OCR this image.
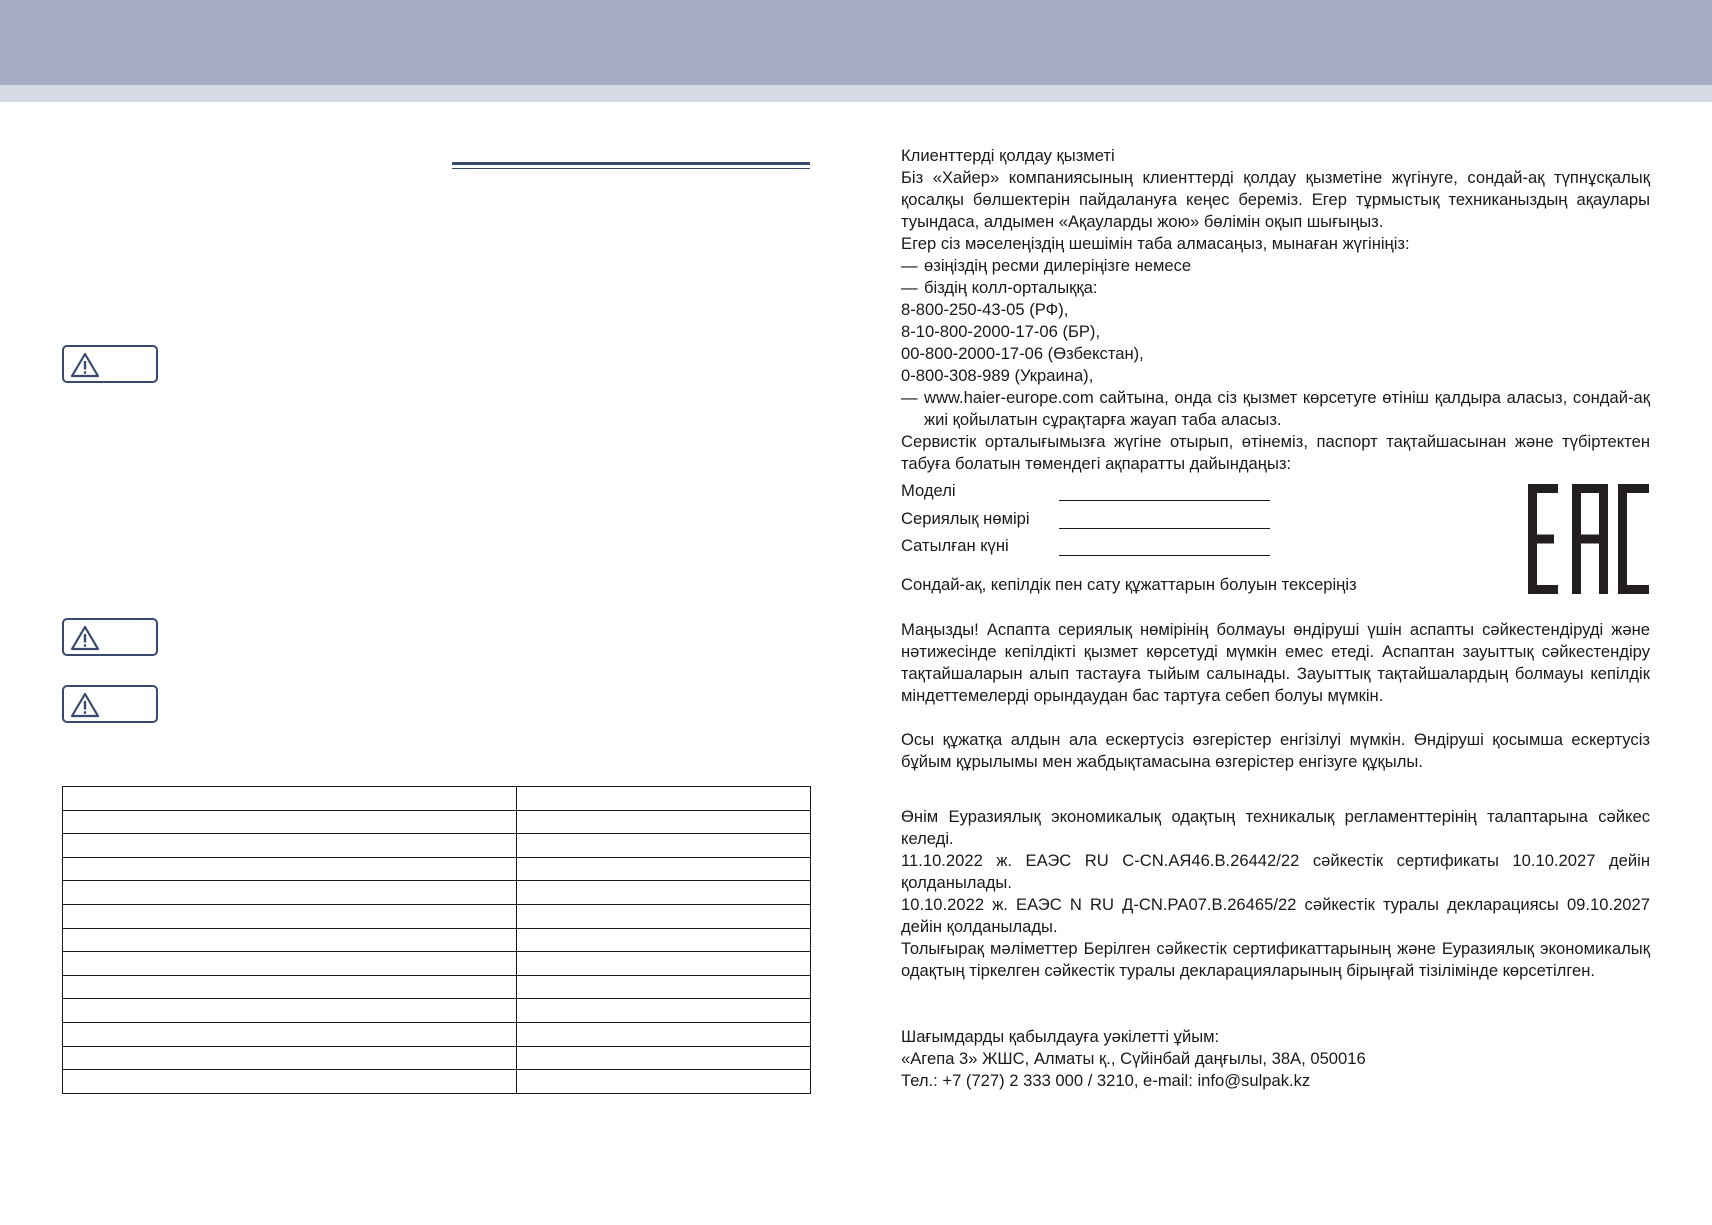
Клиенттерді қолдау қызметі

Біз «Хайер» компаниясының клиенттерді қолдау қызметіне жүгінуге, сондай-ақ түпнұсқалық қосалқы бөлшектерін пайдалануға кеңес береміз. Егер тұрмыстық техниканыздың ақаулары туындаса, алдымен «Ақауларды жою» бөлімін оқып шығыңыз.

Егер сіз мәселеңіздің шешімін таба алмасаңыз, мынаған жүгініңіз:

— өзіңіздің ресми дилеріңізге немесе
— біздің колл-орталыққа:

8-800-250-43-05 (РФ),

8-10-800-2000-17-06 (БР),

00-800-2000-17-06 (Өзбекстан),

0-800-308-989 (Украина),

— www.haier-europe.com сайтына, онда сіз қызмет көрсетуге өтініш қалдыра аласыз, сондай-ақ жиі қойылатын сұрақтарға жауап таба аласыз.

Сервистік орталығымызға жүгіне отырып, өтінеміз, паспорт тақтайшасынан және түбіртектен табуға болатын төмендегі ақпаратты дайындаңыз:

Моделі
Сериялық нөмірі
Сатылған күні

Сондай-ақ, кепілдік пен сату құжаттарын болуын тексеріңіз

Маңызды! Аспапта сериялық нөмірінің болмауы өндіруші үшін аспапты сәйкестендіруді және нәтижесінде кепілдікті қызмет көрсетуді мүмкін емес етеді. Аспаптан зауыттық сәйкестендіру тақтайшаларын алып тастауға тыйым салынады. Зауыттық тақтайшалардың болмауы кепілдік міндеттемелерді орындаудан бас тартуға себеп болуы мүмкін.

Осы құжатқа алдын ала ескертусіз өзгерістер енгізілуі мүмкін. Өндіруші қосымша ескертусіз бұйым құрылымы мен жабдықтамасына өзгерістер енгізуге құқылы.

Өнім Еуразиялық экономикалық одақтың техникалық регламенттерінің талаптарына сәйкес келеді.

11.10.2022 ж. ЕАЭС RU С-CN.АЯ46.В.26442/22 сәйкестік сертификаты 10.10.2027 дейін қолданылады.

10.10.2022 ж. ЕАЭС N RU Д-CN.РА07.В.26465/22 сәйкестік туралы декларациясы 09.10.2027 дейін қолданылады.

Толығырақ мәліметтер Берілген сәйкестік сертификаттарының және Еуразиялық экономикалық одақтың тіркелген сәйкестік туралы декларацияларының бірыңғай тізілімінде көрсетілген.

Шағымдарды қабылдауға уәкілетті ұйым:

«Агепа 3» ЖШС, Алматы қ., Сүйінбай даңғылы, 38А, 050016

Тел.: +7 (727) 2 333 000 / 3210, e-mail: info@sulpak.kz
